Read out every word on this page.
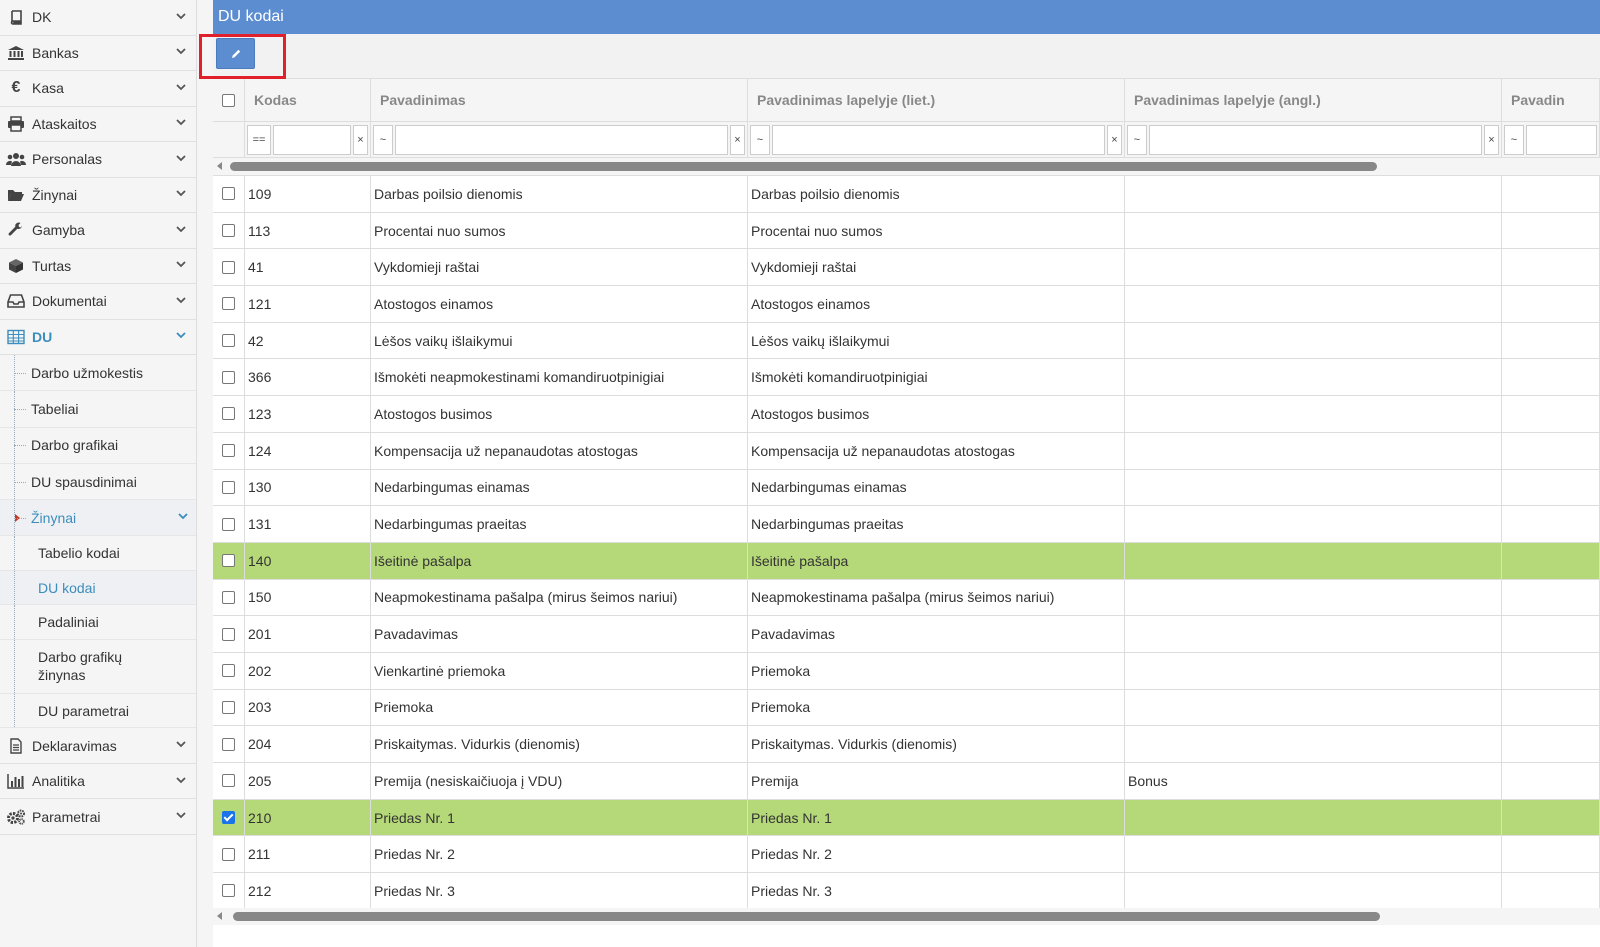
DK
Bankas
€ Kasa
Ataskaitos
Personalas
Žinynai
Gamyba
Turtas
Dokumentai
DU
Darbo užmokestis
Tabeliai
Darbo grafikai
DU spausdinimai
Žinynai
Tabelio kodai
DU kodai
Padaliniai
Darbo grafikų žinynas
DU parametrai
Deklaravimas
Analitika
Parametrai
DU kodai
Kodas	Pavadinimas	Pavadinimas lapelyje (liet.)	Pavadinimas lapelyje (angl.)	Pavadin
==	×	~	×	~	×	~	×	~
109	Darbas poilsio dienomis	Darbas poilsio dienomis
113	Procentai nuo sumos	Procentai nuo sumos
41	Vykdomieji raštai	Vykdomieji raštai
121	Atostogos einamos	Atostogos einamos
42	Lėšos vaikų išlaikymui	Lėšos vaikų išlaikymui
366	Išmokėti neapmokestinami komandiruotpinigiai	Išmokėti komandiruotpinigiai
123	Atostogos busimos	Atostogos busimos
124	Kompensacija už nepanaudotas atostogas	Kompensacija už nepanaudotas atostogas
130	Nedarbingumas einamas	Nedarbingumas einamas
131	Nedarbingumas praeitas	Nedarbingumas praeitas
140	Išeitinė pašalpa	Išeitinė pašalpa
150	Neapmokestinama pašalpa (mirus šeimos nariui)	Neapmokestinama pašalpa (mirus šeimos nariui)
201	Pavadavimas	Pavadavimas
202	Vienkartinė priemoka	Priemoka
203	Priemoka	Priemoka
204	Priskaitymas. Vidurkis (dienomis)	Priskaitymas. Vidurkis (dienomis)
205	Premija (nesiskaičiuoja į VDU)	Premija	Bonus
210	Priedas Nr. 1	Priedas Nr. 1
211	Priedas Nr. 2	Priedas Nr. 2
212	Priedas Nr. 3	Priedas Nr. 3
